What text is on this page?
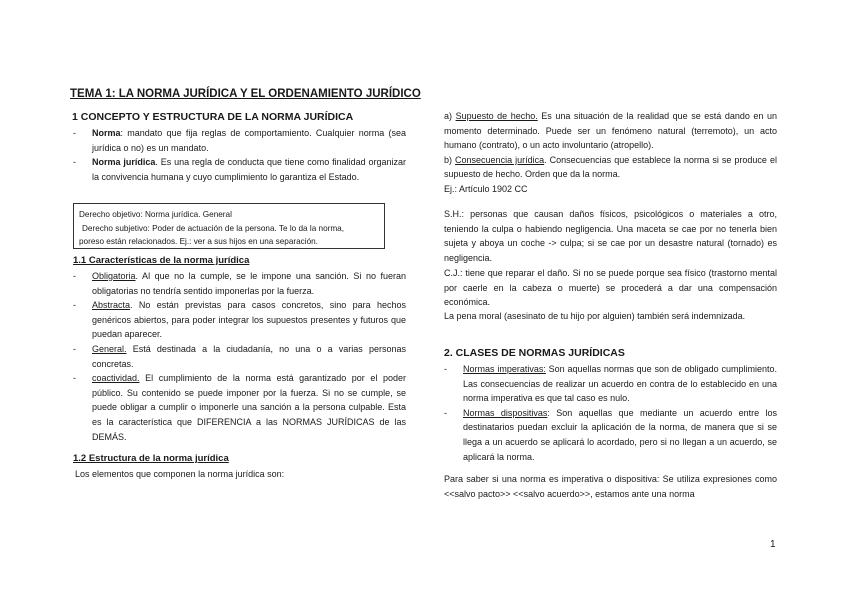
TEMA 1: LA NORMA JURÍDICA Y EL ORDENAMIENTO JURÍDICO
1 CONCEPTO Y ESTRUCTURA DE LA NORMA JURÍDICA
- Norma: mandato que fija reglas de comportamiento. Cualquier norma (sea jurídica o no) es un mandato.
- Norma jurídica. Es una regla de conducta que tiene como finalidad organizar la convivencia humana y cuyo cumplimiento lo garantiza el Estado.
Derecho objetivo: Norma jurídica. General
Derecho subjetivo: Poder de actuación de la persona. Te lo da la norma,
poreso están relacionados. Ej.: ver a sus hijos en una separación.
1.1 Características de la norma jurídica
- Obligatoria. Al que no la cumple, se le impone una sanción. Si no fueran obligatorias no tendría sentido imponerlas por la fuerza.
- Abstracta. No están previstas para casos concretos, sino para hechos genéricos abiertos, para poder integrar los supuestos presentes y futuros que puedan aparecer.
- General. Está destinada a la ciudadanía, no una o a varias personas concretas.
- coactividad. El cumplimiento de la norma está garantizado por el poder público. Su contenido se puede imponer por la fuerza. Si no se cumple, se puede obligar a cumplir o imponerle una sanción a la persona culpable. Esta es la característica que DIFERENCIA a las NORMAS JURÍDICAS de las DEMÁS.
1.2 Estructura de la norma jurídica
Los elementos que componen la norma jurídica son:

a) Supuesto de hecho. Es una situación de la realidad que se está dando en un momento determinado. Puede ser un fenómeno natural (terremoto), un acto humano (contrato), o un acto involuntario (atropello).

b) Consecuencia jurídica. Consecuencias que establece la norma si se produce el supuesto de hecho. Orden que da la norma.

Ej.: Artículo 1902 CC

S.H.: personas que causan daños físicos, psicológicos o materiales a otro, teniendo la culpa o habiendo negligencia. Una maceta se cae por no tenerla bien sujeta y aboya un coche -> culpa; si se cae por un desastre natural (tornado) es negligencia.
C.J.: tiene que reparar el daño. Si no se puede porque sea físico (trastorno mental por caerle en la cabeza o muerte) se procederá a dar una compensación económica.
La pena moral (asesinato de tu hijo por alguien) también será indemnizada.
2. CLASES DE NORMAS JURÍDICAS
- Normas imperativas: Son aquellas normas que son de obligado cumplimiento. Las consecuencias de realizar un acuerdo en contra de lo establecido en una norma imperativa es que tal caso es nulo.
- Normas dispositivas: Son aquellas que mediante un acuerdo entre los destinatarios puedan excluir la aplicación de la norma, de manera que si se llega a un acuerdo se aplicará lo acordado, pero si no llegan a un acuerdo, se aplicará la norma.
Para saber si una norma es imperativa o dispositiva: Se utiliza expresiones como <<salvo pacto>> <<salvo acuerdo>>, estamos ante una norma
1
